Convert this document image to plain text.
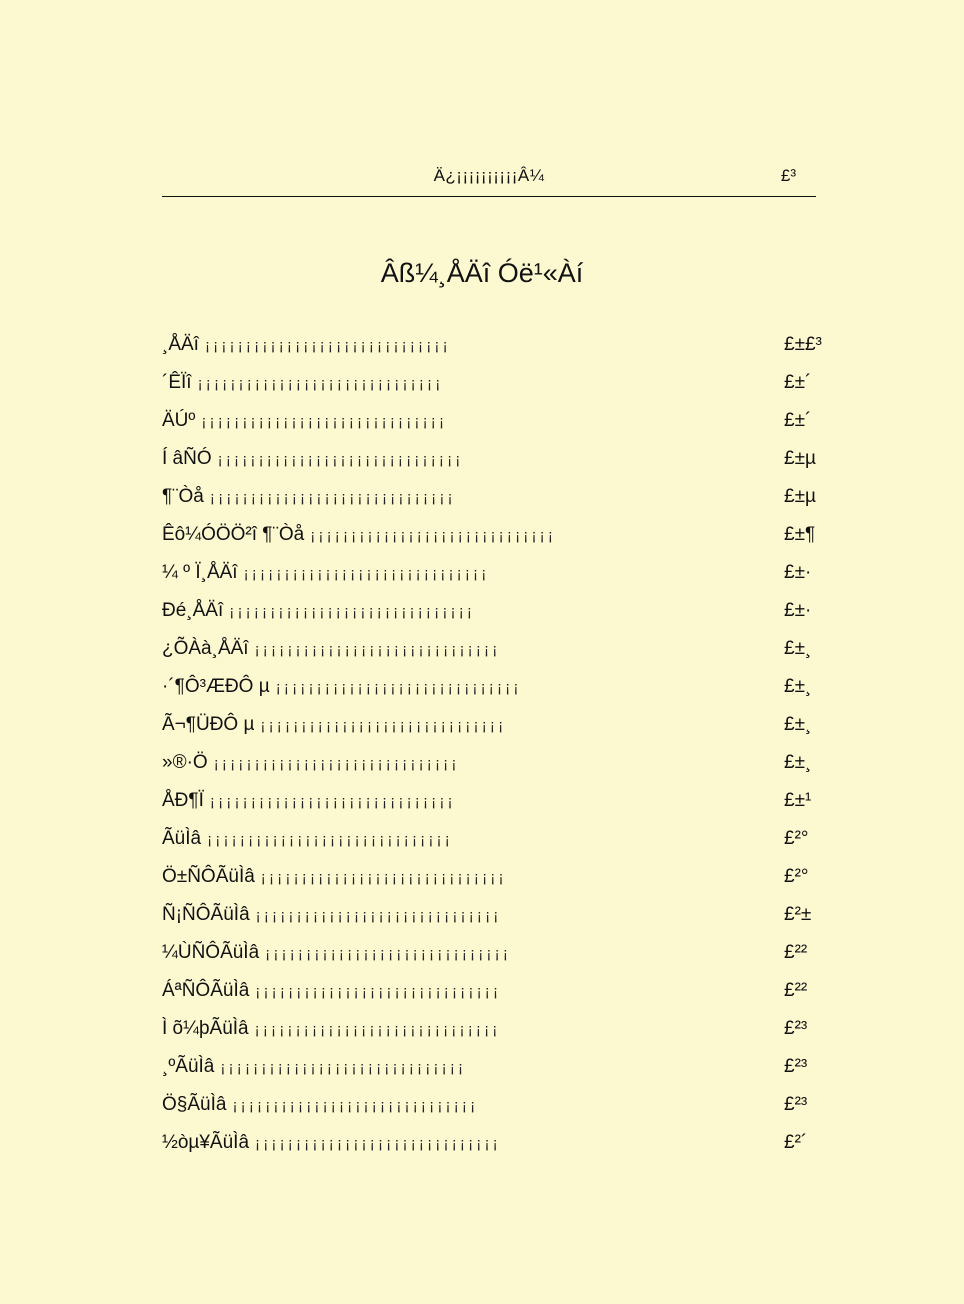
Ä¿¡¡¡¡¡¡¡¡¡¡Â¼	£³
Âß¼¸ÅÄî Óë¹«Àí
¸ÅÄî ¡¡¡¡¡¡¡¡¡¡¡¡¡¡¡¡¡¡¡¡¡¡¡¡¡¡¡¡¡¡	£±£³
´ÊÏî ¡¡¡¡¡¡¡¡¡¡¡¡¡¡¡¡¡¡¡¡¡¡¡¡¡¡¡¡¡¡	£±´
ÄÚº ¡¡¡¡¡¡¡¡¡¡¡¡¡¡¡¡¡¡¡¡¡¡¡¡¡¡¡¡¡¡	£±´
Í âÑÓ ¡¡¡¡¡¡¡¡¡¡¡¡¡¡¡¡¡¡¡¡¡¡¡¡¡¡¡¡¡¡	£±µ
¶¨Òå ¡¡¡¡¡¡¡¡¡¡¡¡¡¡¡¡¡¡¡¡¡¡¡¡¡¡¡¡¡¡	£±µ
Êô¼ÓÖÖ²î ¶¨Òå ¡¡¡¡¡¡¡¡¡¡¡¡¡¡¡¡¡¡¡¡¡¡¡¡¡¡¡¡¡¡	£±¶
¼ º Ï¸ÅÄî ¡¡¡¡¡¡¡¡¡¡¡¡¡¡¡¡¡¡¡¡¡¡¡¡¡¡¡¡¡¡	£±·
Ðé¸ÅÄî ¡¡¡¡¡¡¡¡¡¡¡¡¡¡¡¡¡¡¡¡¡¡¡¡¡¡¡¡¡¡	£±·
¿ÕÀà¸ÅÄî ¡¡¡¡¡¡¡¡¡¡¡¡¡¡¡¡¡¡¡¡¡¡¡¡¡¡¡¡¡¡	£±¸
·´¶Ô³ÆÐÔ µ ¡¡¡¡¡¡¡¡¡¡¡¡¡¡¡¡¡¡¡¡¡¡¡¡¡¡¡¡¡¡	£±¸
Ã¬¶ÜÐÔ µ ¡¡¡¡¡¡¡¡¡¡¡¡¡¡¡¡¡¡¡¡¡¡¡¡¡¡¡¡¡¡	£±¸
»®·Ö ¡¡¡¡¡¡¡¡¡¡¡¡¡¡¡¡¡¡¡¡¡¡¡¡¡¡¡¡¡¡	£±¸
ÅÐ¶Ï ¡¡¡¡¡¡¡¡¡¡¡¡¡¡¡¡¡¡¡¡¡¡¡¡¡¡¡¡¡¡	£±¹
ÃüÌâ ¡¡¡¡¡¡¡¡¡¡¡¡¡¡¡¡¡¡¡¡¡¡¡¡¡¡¡¡¡¡	£²°
Ö±ÑÔÃüÌâ ¡¡¡¡¡¡¡¡¡¡¡¡¡¡¡¡¡¡¡¡¡¡¡¡¡¡¡¡¡¡	£²°
Ñ¡ÑÔÃüÌâ ¡¡¡¡¡¡¡¡¡¡¡¡¡¡¡¡¡¡¡¡¡¡¡¡¡¡¡¡¡¡	£²±
¼ÙÑÔÃüÌâ ¡¡¡¡¡¡¡¡¡¡¡¡¡¡¡¡¡¡¡¡¡¡¡¡¡¡¡¡¡¡	£²²
ÁªÑÔÃüÌâ ¡¡¡¡¡¡¡¡¡¡¡¡¡¡¡¡¡¡¡¡¡¡¡¡¡¡¡¡¡¡	£²²
Ì õ¼þÃüÌâ ¡¡¡¡¡¡¡¡¡¡¡¡¡¡¡¡¡¡¡¡¡¡¡¡¡¡¡¡¡¡	£²³
¸ºÃüÌâ ¡¡¡¡¡¡¡¡¡¡¡¡¡¡¡¡¡¡¡¡¡¡¡¡¡¡¡¡¡¡	£²³
Ö§ÃüÌâ ¡¡¡¡¡¡¡¡¡¡¡¡¡¡¡¡¡¡¡¡¡¡¡¡¡¡¡¡¡¡	£²³
½òµ¥ÃüÌâ ¡¡¡¡¡¡¡¡¡¡¡¡¡¡¡¡¡¡¡¡¡¡¡¡¡¡¡¡¡¡	£²´
